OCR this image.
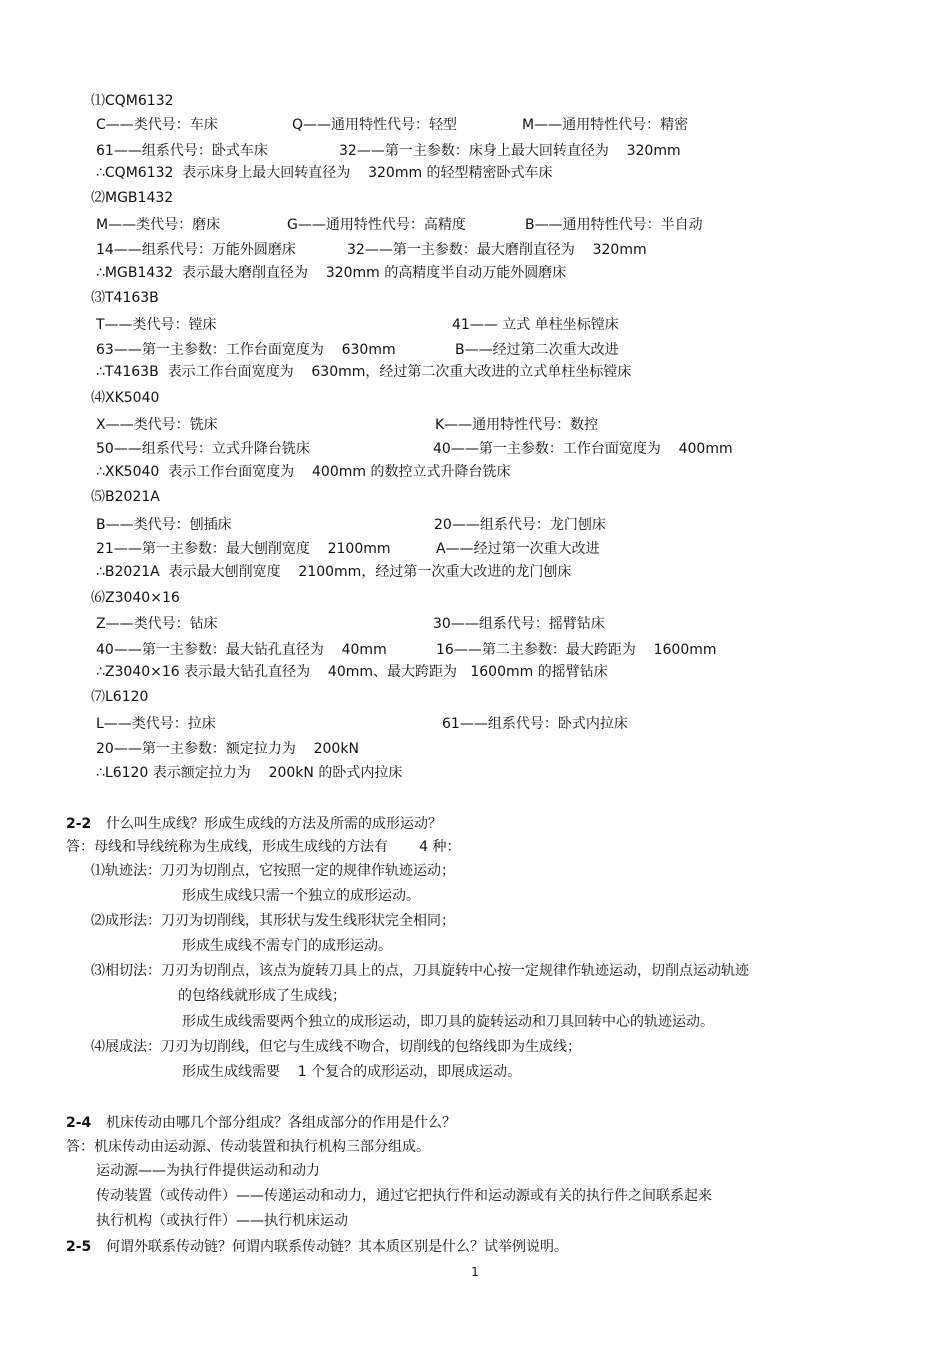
⑴CQM6132
C——类代号：车床	Q——通用特性代号：轻型	M——通用特性代号：精密
61——组系代号：卧式车床	32——第一主参数：床身上最大回转直径为    320mm
∴CQM6132  表示床身上最大回转直径为    320mm 的轻型精密卧式车床
⑵MGB1432
M——类代号：磨床	G——通用特性代号：高精度	B——通用特性代号：半自动
14——组系代号：万能外圆磨床	32——第一主参数：最大磨削直径为    320mm
∴MGB1432  表示最大磨削直径为    320mm 的高精度半自动万能外圆磨床
⑶T4163B
T——类代号：镗床	41—— 立式 单柱坐标镗床
63——第一主参数：工作台面宽度为    630mm	B——经过第二次重大改进
∴T4163B  表示工作台面宽度为    630mm，经过第二次重大改进的立式单柱坐标镗床
⑷XK5040
X——类代号：铣床	K——通用特性代号：数控
50——组系代号：立式升降台铣床	40——第一主参数：工作台面宽度为    400mm
∴XK5040  表示工作台面宽度为    400mm 的数控立式升降台铣床
⑸B2021A
B——类代号：刨插床	20——组系代号：龙门刨床
21——第一主参数：最大刨削宽度    2100mm	A——经过第一次重大改进
∴B2021A  表示最大刨削宽度    2100mm，经过第一次重大改进的龙门刨床
⑹Z3040×16
Z——类代号：钻床	30——组系代号：摇臂钻床
40——第一主参数：最大钻孔直径为    40mm	16——第二主参数：最大跨距为    1600mm
∴Z3040×16 表示最大钻孔直径为    40mm、最大跨距为   1600mm 的摇臂钻床
⑺L6120
L——类代号：拉床	61——组系代号：卧式内拉床
20——第一主参数：额定拉力为    200kN
∴L6120 表示额定拉力为    200kN 的卧式内拉床
2-2 什么叫生成线？形成生成线的方法及所需的成形运动？
答：母线和导线统称为生成线，形成生成线的方法有       4 种：
⑴轨迹法：刀刃为切削点，它按照一定的规律作轨迹运动；
形成生成线只需一个独立的成形运动。
⑵成形法：刀刃为切削线，其形状与发生线形状完全相同；
形成生成线不需专门的成形运动。
⑶相切法：刀刃为切削点，该点为旋转刀具上的点，刀具旋转中心按一定规律作轨迹运动，切削点运动轨迹
的包络线就形成了生成线；
形成生成线需要两个独立的成形运动，即刀具的旋转运动和刀具回转中心的轨迹运动。
⑷展成法：刀刃为切削线，但它与生成线不吻合，切削线的包络线即为生成线；
形成生成线需要    1 个复合的成形运动，即展成运动。
2-4 机床传动由哪几个部分组成？各组成部分的作用是什么？
答：机床传动由运动源、传动装置和执行机构三部分组成。
运动源——为执行件提供运动和动力
传动装置（或传动件）——传递运动和动力，通过它把执行件和运动源或有关的执行件之间联系起来
执行机构（或执行件）——执行机床运动
2-5 何谓外联系传动链？何谓内联系传动链？其本质区别是什么？试举例说明。
1
